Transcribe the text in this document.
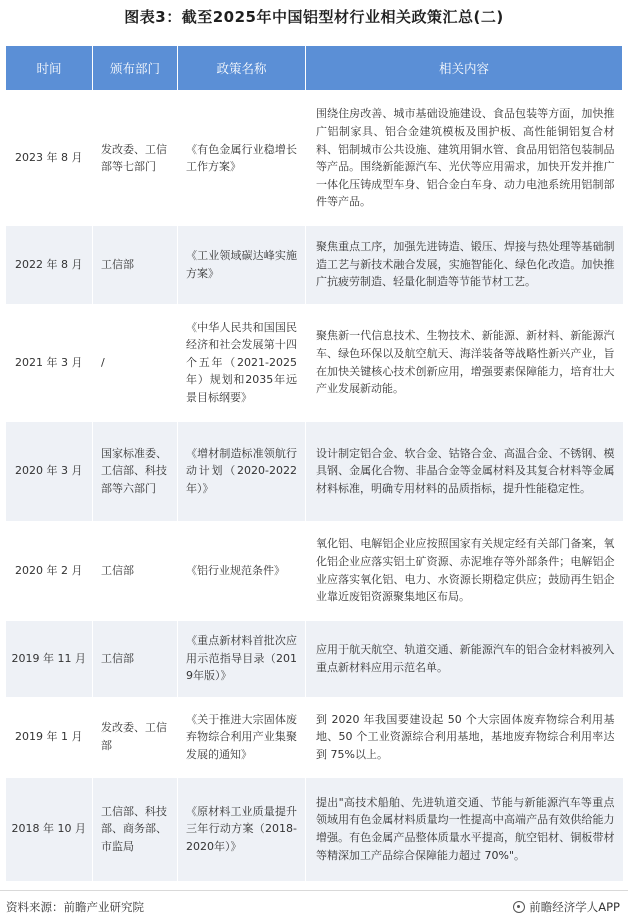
图表3：截至2025年中国铝型材行业相关政策汇总(二)
时间	颁布部门	政策名称	相关内容
2023 年 8 月	发改委、工信部等七部门	《有色金属行业稳增长工作方案》	围绕住房改善、城市基础设施建设、食品包装等方面，加快推广铝制家具、铝合金建筑模板及围护板、高性能铜铝复合材料、铝制城市公共设施、建筑用铜水管、食品用铝箔包装制品等产品。围绕新能源汽车、光伏等应用需求，加快开发并推广一体化压铸成型车身、铝合金白车身、动力电池系统用铝制部件等产品。
2022 年 8 月	工信部	《工业领域碳达峰实施方案》	聚焦重点工序，加强先进铸造、锻压、焊接与热处理等基础制造工艺与新技术融合发展，实施智能化、绿色化改造。加快推广抗疲劳制造、轻量化制造等节能节材工艺。
2021 年 3 月	/	《中华人民共和国国民经济和社会发展第十四个五年（2021-2025年）规划和2035年远景目标纲要》	聚焦新一代信息技术、生物技术、新能源、新材料、新能源汽车、绿色环保以及航空航天、海洋装备等战略性新兴产业，旨在加快关键核心技术创新应用，增强要素保障能力，培育壮大产业发展新动能。
2020 年 3 月	国家标准委、工信部、科技部等六部门	《增材制造标准领航行动计划（2020-2022年）》	设计制定铝合金、软合金、钴铬合金、高温合金、不锈钢、模具钢、金属化合物、非晶合金等金属材料及其复合材料等金属材料标准，明确专用材料的品质指标，提升性能稳定性。
2020 年 2 月	工信部	《铝行业规范条件》	氧化铝、电解铝企业应按照国家有关规定经有关部门备案，氧化铝企业应落实铝土矿资源、赤泥堆存等外部条件；电解铝企业应落实氧化铝、电力、水资源长期稳定供应；鼓励再生铝企业靠近废铝资源聚集地区布局。
2019 年 11 月	工信部	《重点新材料首批次应用示范指导目录（2019年版）》	应用于航天航空、轨道交通、新能源汽车的铝合金材料被列入重点新材料应用示范名单。
2019 年 1 月	发改委、工信部	《关于推进大宗固体废弃物综合利用产业集聚发展的通知》	到 2020 年我国要建设起 50 个大宗固体废弃物综合利用基地、50 个工业资源综合利用基地，基地废弃物综合利用率达到 75%以上。
2018 年 10 月	工信部、科技部、商务部、市监局	《原材料工业质量提升三年行动方案（2018-2020年）》	提出"高技术船舶、先进轨道交通、节能与新能源汽车等重点领域用有色金属材料质量均一性提高中高端产品有效供给能力增强。有色金属产品整体质量水平提高，航空铝材、铜板带材等精深加工产品综合保障能力超过 70%"。
资料来源：前瞻产业研究院	前瞻经济学人APP
